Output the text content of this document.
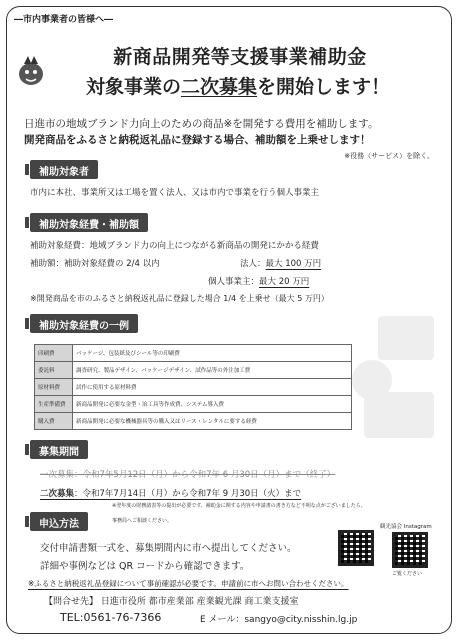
―市内事業者の皆様へ―
新商品開発等支援事業補助金
対象事業の二次募集を開始します！
日進市の地域ブランド力向上のための商品※を開発する費用を補助します。
開発商品をふるさと納税返礼品に登録する場合、補助額を上乗せします！
※役務（サービス）を除く。
補助対象者
市内に本社、事業所又は工場を置く法人、又は市内で事業を行う個人事業主
補助対象経費・補助額
補助対象経費：地域ブランド力の向上につながる新商品の開発にかかる経費
補助額：補助対象経費の 2/4 以内	法人：最大 100 万円
個人事業主：最大 20 万円
※開発商品を市のふるさと納税返礼品に登録した場合 1/4 を上乗せ（最大 5 万円）
補助対象経費の一例
印刷費	パッケージ、包装紙及びシール等の印刷費
委託料	調査研究、製品デザイン、パッケージデザイン、試作品等の外注加工費
原材料費	試作に使用する原材料費
生産準備費	新商品開発に必要な金型・治工具等作成費、システム導入費
購入費	新商品開発に必要な機械器具等の購入又はリース・レンタルに要する経費
募集期間
一次募集：令和7年5月12日（月）から令和7年 6 月30日（月）まで（終了）
二次募集：令和7年7月14日（月）から令和7年 9 月30日（火）まで
申込方法
※翌年度の財務諸表等の提出が必要です。補助金に関する内容や申請書の書き方など不明な点がございましたら、
事務局へご相談ください。
交付申請書類一式を、募集期間内に市へ提出してください。
詳細や事例などは QR コードから確認できます。
観光協会 Instagram
ご覧ください
※ふるさと納税返礼品登録について事前確認が必要です。申請前に市へお問い合わせください。
【問合せ先】 日進市役所 都市産業部 産業観光課 商工業支援室
TEL:0561-76-7366	E メール：sangyo@city.nisshin.lg.jp
